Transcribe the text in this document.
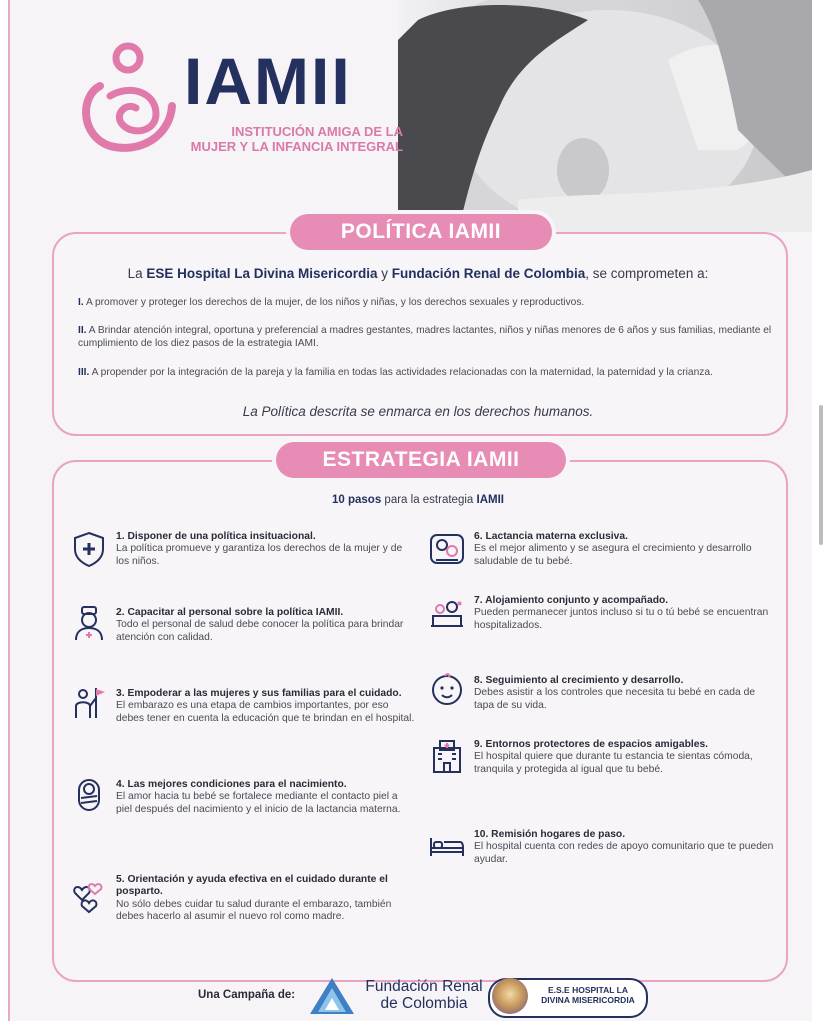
IAMII
INSTITUCIÓN AMIGA DE LA
MUJER Y LA INFANCIA INTEGRAL
POLÍTICA IAMII
La ESE Hospital La Divina Misericordia y Fundación Renal de Colombia, se comprometen a:
I. A promover y proteger los derechos de la mujer, de los niños y niñas, y los derechos sexuales y reproductivos.
II. A Brindar atención integral, oportuna y preferencial a madres gestantes, madres lactantes, niños y niñas menores de 6 años y sus familias, mediante el cumplimiento de los diez pasos de la estrategia IAMI.
III. A propender por la integración de la pareja y la familia en todas las actividades relacionadas con la maternidad, la paternidad y la crianza.
La Política descrita se enmarca en los derechos humanos.
ESTRATEGIA IAMII
10 pasos para la estrategia IAMII
1. Disponer de una política insituacional.
La política promueve y garantiza los derechos de la mujer y de los niños.
2. Capacitar al personal sobre la política IAMII.
Todo el personal de salud debe conocer la política para brindar atención con calidad.
3. Empoderar a las mujeres y sus familias para el cuidado.
El embarazo es una etapa de cambios importantes, por eso debes tener en cuenta la educación que te brindan en el hospital.
4. Las mejores condiciones para el nacimiento.
El amor hacia tu bebé se fortalece mediante el contacto piel a piel después del nacimiento y el inicio de la lactancia materna.
5. Orientación y ayuda efectiva en el cuidado durante el posparto.
No sólo debes cuidar tu salud durante el embarazo, también debes hacerlo al asumir el nuevo rol como madre.
6. Lactancia materna exclusiva.
Es el mejor alimento y se asegura el crecimiento y desarrollo saludable de tu bebé.
7. Alojamiento conjunto y acompañado.
Pueden permanecer juntos incluso si tu o tú bebé se encuentran hospitalizados.
8. Seguimiento al crecimiento y desarrollo.
Debes asistir a los controles que necesita tu bebé en cada de tapa de su vida.
9. Entornos protectores de espacios amigables.
El hospital quiere que durante tu estancia te sientas cómoda, tranquila y protegida al igual que tu bebé.
10. Remisión hogares de paso.
El hospital cuenta con redes de apoyo comunitario que te pueden ayudar.
Una Campaña de:	Fundación Renal
de Colombia
E.S.E HOSPITAL LA
DIVINA MISERICORDIA
